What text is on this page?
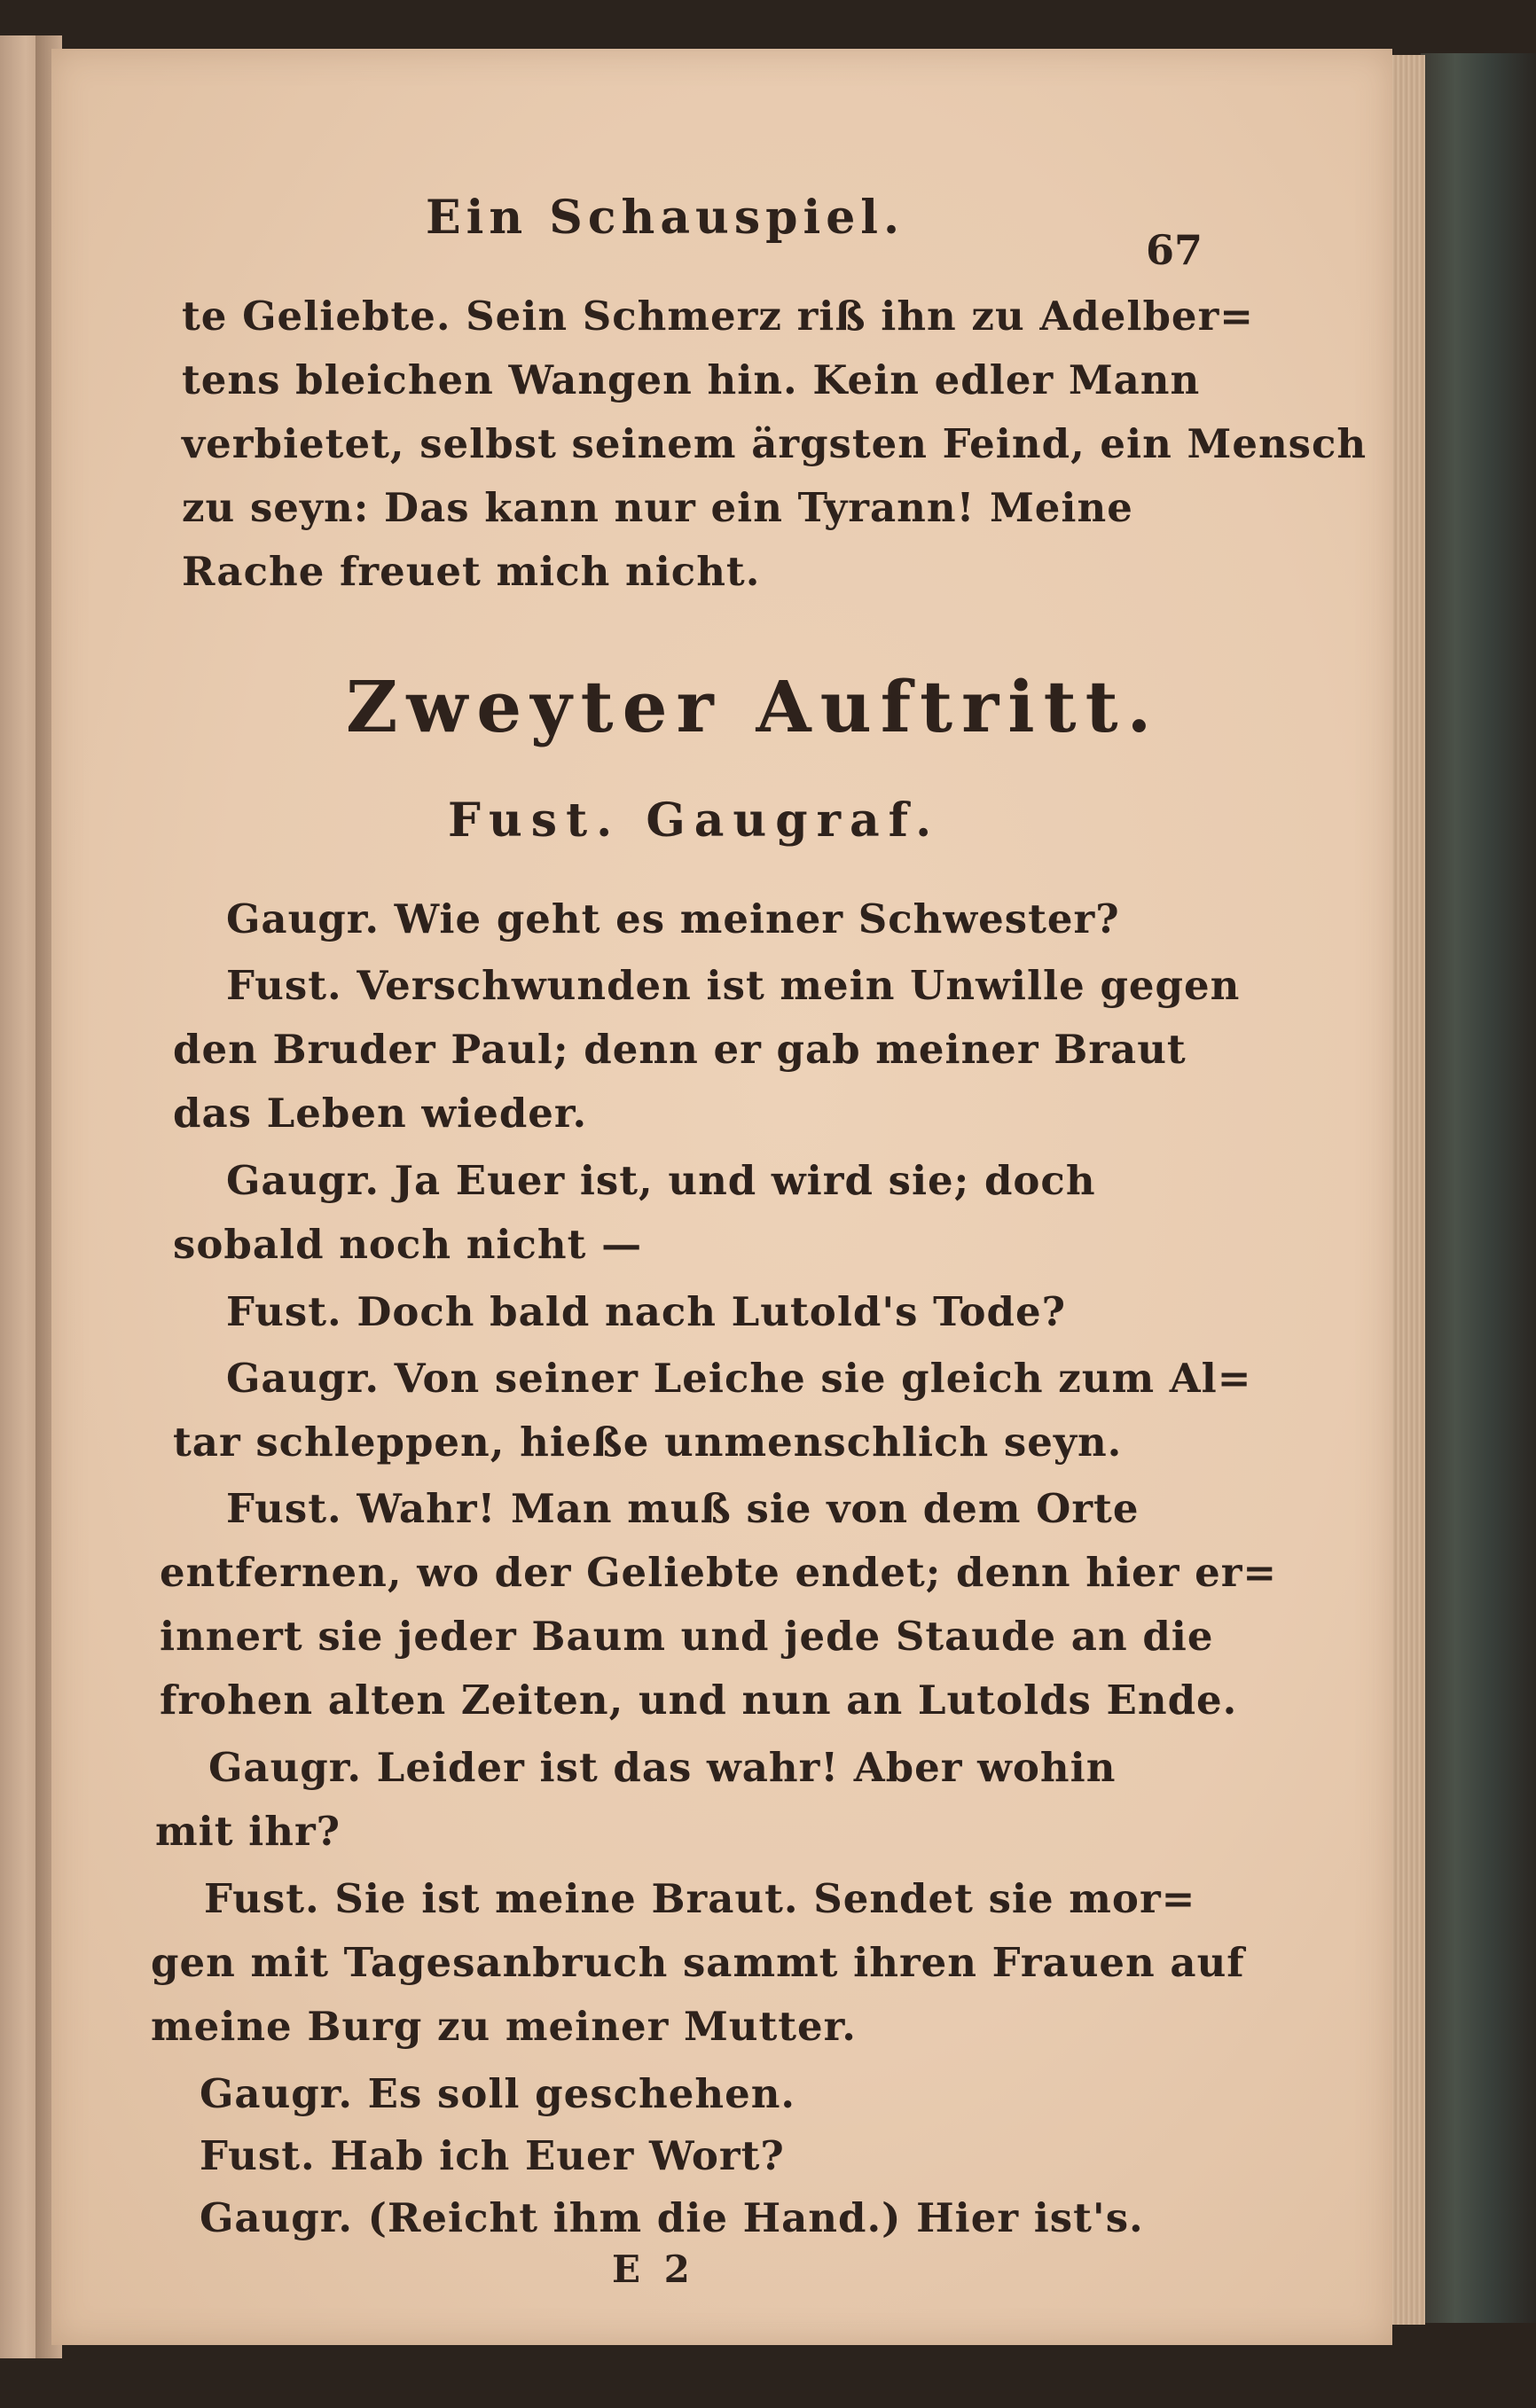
Ein Schauspiel.
67
te Geliebte. Sein Schmerz riß ihn zu Adelber=
tens bleichen Wangen hin. Kein edler Mann
verbietet, selbst seinem ärgsten Feind, ein Mensch
zu seyn: Das kann nur ein Tyrann! Meine
Rache freuet mich nicht.
Zweyter Auftritt.
Fust. Gaugraf.
Gaugr. Wie geht es meiner Schwester?
Fust. Verschwunden ist mein Unwille gegen
den Bruder Paul; denn er gab meiner Braut
das Leben wieder.
Gaugr. Ja Euer ist, und wird sie; doch
sobald noch nicht —
Fust. Doch bald nach Lutold's Tode?
Gaugr. Von seiner Leiche sie gleich zum Al=
tar schleppen, hieße unmenschlich seyn.
Fust. Wahr! Man muß sie von dem Orte
entfernen, wo der Geliebte endet; denn hier er=
innert sie jeder Baum und jede Staude an die
frohen alten Zeiten, und nun an Lutolds Ende.
Gaugr. Leider ist das wahr! Aber wohin
mit ihr?
Fust. Sie ist meine Braut. Sendet sie mor=
gen mit Tagesanbruch sammt ihren Frauen auf
meine Burg zu meiner Mutter.
Gaugr. Es soll geschehen.
Fust. Hab ich Euer Wort?
Gaugr. (Reicht ihm die Hand.) Hier ist's.
E 2
